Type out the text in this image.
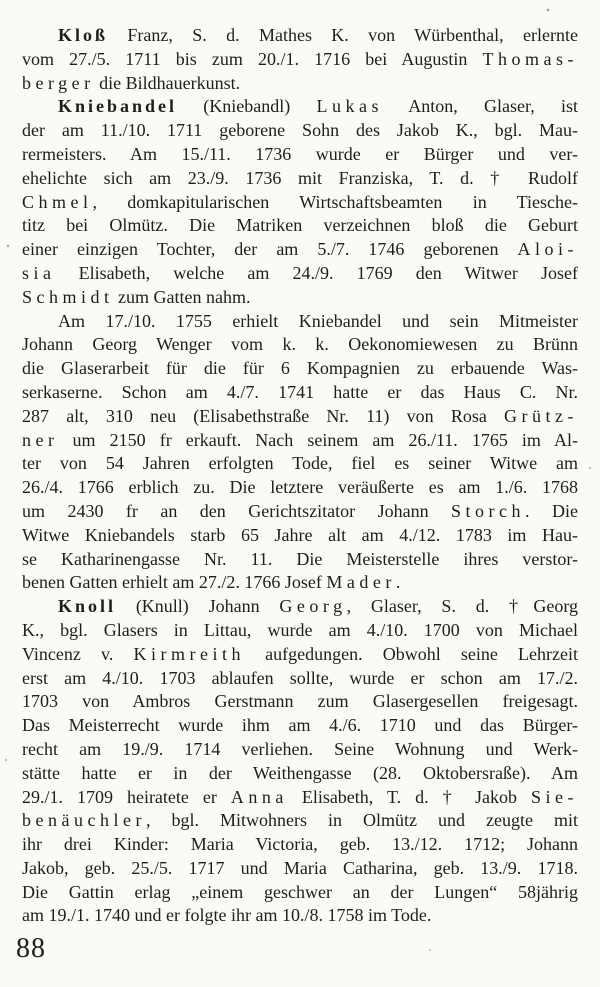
Kloß Franz, S. d. Mathes K. von Würbenthal, erlernte
vom 27./5. 1711 bis zum 20./1. 1716 bei Augustin Thomas-
berger die Bildhauerkunst.

Kniebandel (Kniebandl) Lukas Anton, Glaser, ist
der am 11./10. 1711 geborene Sohn des Jakob K., bgl. Mau-
rermeisters. Am 15./11. 1736 wurde er Bürger und ver-
ehelichte sich am 23./9. 1736 mit Franziska, T. d. † Rudolf
Chmel, domkapitularischen Wirtschaftsbeamten in Tiesche-
titz bei Olmütz. Die Matriken verzeichnen bloß die Geburt
einer einzigen Tochter, der am 5./7. 1746 geborenen Aloi-
sia Elisabeth, welche am 24./9. 1769 den Witwer Josef
Schmidt zum Gatten nahm.

Am 17./10. 1755 erhielt Kniebandel und sein Mitmeister
Johann Georg Wenger vom k. k. Oekonomiewesen zu Brünn
die Glaserarbeit für die für 6 Kompagnien zu erbauende Was-
serkaserne. Schon am 4./7. 1741 hatte er das Haus C. Nr.
287 alt, 310 neu (Elisabethstraße Nr. 11) von Rosa Grütz-
ner um 2150 fr erkauft. Nach seinem am 26./11. 1765 im Al-
ter von 54 Jahren erfolgten Tode, fiel es seiner Witwe am
26./4. 1766 erblich zu. Die letztere veräußerte es am 1./6. 1768
um 2430 fr an den Gerichtszitator Johann Storch. Die
Witwe Kniebandels starb 65 Jahre alt am 4./12. 1783 im Hau-
se Katharinengasse Nr. 11. Die Meisterstelle ihres verstor-
benen Gatten erhielt am 27./2. 1766 Josef Mader.

Knoll (Knull) Johann Georg, Glaser, S. d. †Georg
K., bgl. Glasers in Littau, wurde am 4./10. 1700 von Michael
Vincenz v. Kirmreith aufgedungen. Obwohl seine Lehrzeit
erst am 4./10. 1703 ablaufen sollte, wurde er schon am 17./2.
1703 von Ambros Gerstmann zum Glasergesellen freigesagt.
Das Meisterrecht wurde ihm am 4./6. 1710 und das Bürger-
recht am 19./9. 1714 verliehen. Seine Wohnung und Werk-
stätte hatte er in der Weithengasse (28. Oktobersraße). Am
29./1. 1709 heiratete er Anna Elisabeth, T. d. † Jakob Sie-
benäuchler, bgl. Mitwohners in Olmütz und zeugte mit
ihr drei Kinder: Maria Victoria, geb. 13./12. 1712; Johann
Jakob, geb. 25./5. 1717 und Maria Catharina, geb. 13./9. 1718.
Die Gattin erlag „einem geschwer an der Lungen“ 58jährig
am 19./1. 1740 und er folgte ihr am 10./8. 1758 im Tode.

88
